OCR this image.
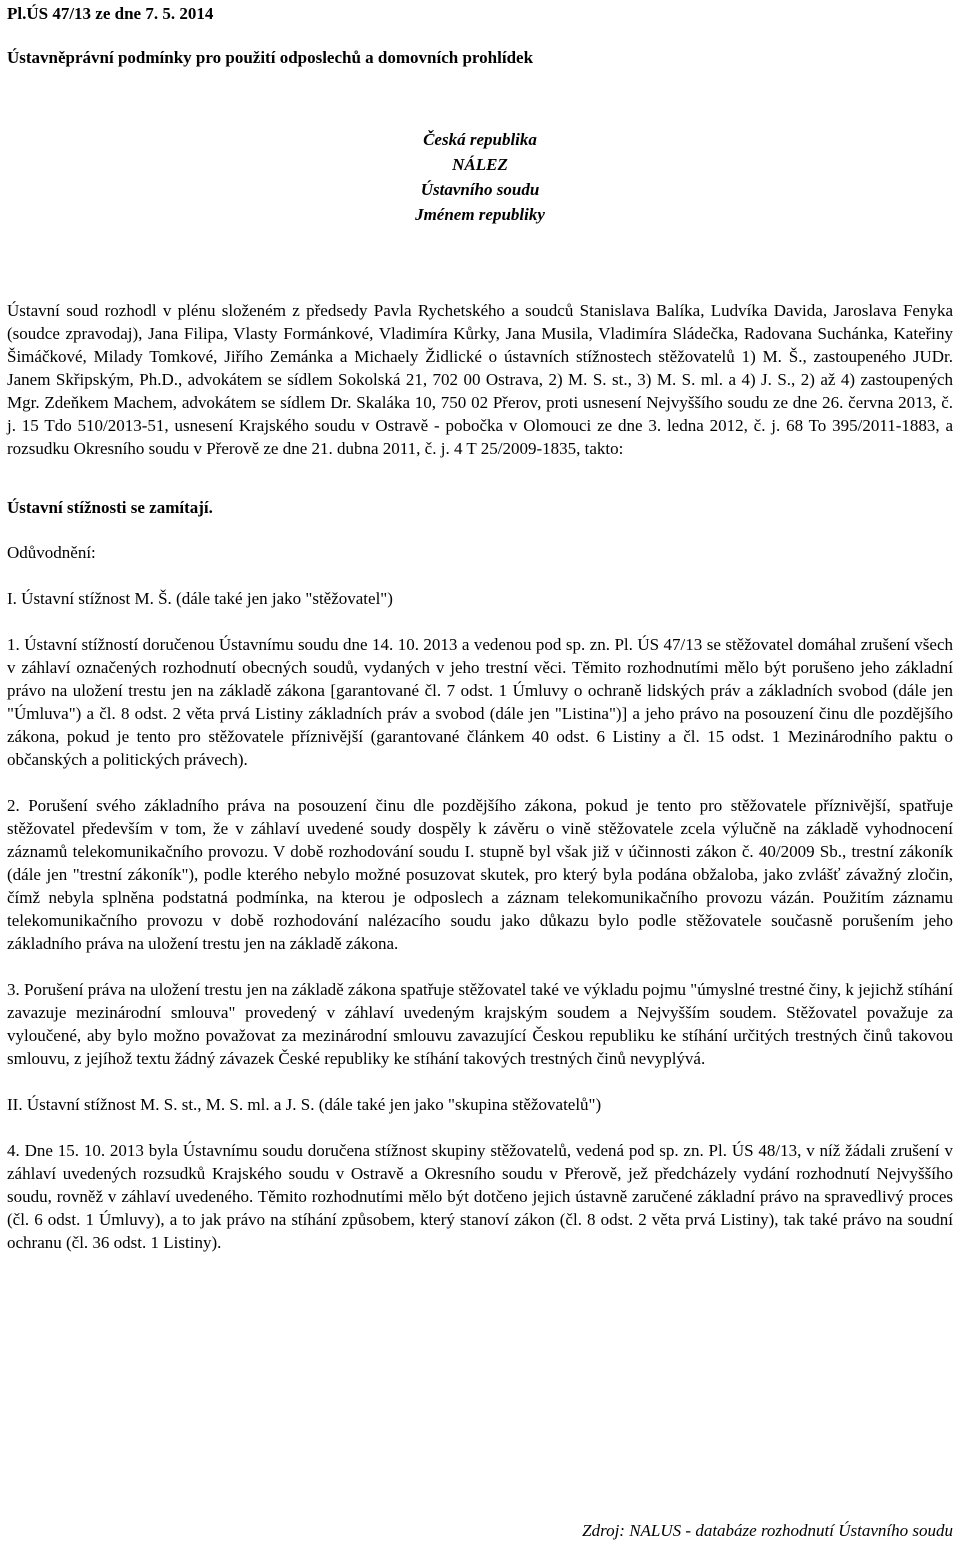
Pl.ÚS 47/13 ze dne 7. 5. 2014
Ústavněprávní podmínky pro použití odposlechů a domovních prohlídek
Česká republika
NÁLEZ
Ústavního soudu
Jménem republiky

Ústavní soud rozhodl v plénu složeném z předsedy Pavla Rychetského a soudců Stanislava Balíka, Ludvíka Davida, Jaroslava Fenyka (soudce zpravodaj), Jana Filipa, Vlasty Formánkové, Vladimíra Kůrky, Jana Musila, Vladimíra Sládečka, Radovana Suchánka, Kateřiny Šimáčkové, Milady Tomkové, Jiřího Zemánka a Michaely Židlické o ústavních stížnostech stěžovatelů 1) M. Š., zastoupeného JUDr. Janem Skřipským, Ph.D., advokátem se sídlem Sokolská 21, 702 00 Ostrava, 2) M. S. st., 3) M. S. ml. a 4) J. S., 2) až 4) zastoupených Mgr. Zdeňkem Machem, advokátem se sídlem Dr. Skaláka 10, 750 02 Přerov, proti usnesení Nejvyššího soudu ze dne 26. června 2013, č. j. 15 Tdo 510/2013-51, usnesení Krajského soudu v Ostravě - pobočka v Olomouci ze dne 3. ledna 2012, č. j. 68 To 395/2011-1883, a rozsudku Okresního soudu v Přerově ze dne 21. dubna 2011, č. j. 4 T 25/2009-1835, takto:

Ústavní stížnosti se zamítají.
Odůvodnění:
I. Ústavní stížnost M. Š. (dále také jen jako "stěžovatel")

1. Ústavní stížností doručenou Ústavnímu soudu dne 14. 10. 2013 a vedenou pod sp. zn. Pl. ÚS 47/13 se stěžovatel domáhal zrušení všech v záhlaví označených rozhodnutí obecných soudů, vydaných v jeho trestní věci. Těmito rozhodnutími mělo být porušeno jeho základní právo na uložení trestu jen na základě zákona [garantované čl. 7 odst. 1 Úmluvy o ochraně lidských práv a základních svobod (dále jen "Úmluva") a čl. 8 odst. 2 věta prvá Listiny základních práv a svobod (dále jen "Listina")] a jeho právo na posouzení činu dle pozdějšího zákona, pokud je tento pro stěžovatele příznivější (garantované článkem 40 odst. 6 Listiny a čl. 15 odst. 1 Mezinárodního paktu o občanských a politických právech).

2. Porušení svého základního práva na posouzení činu dle pozdějšího zákona, pokud je tento pro stěžovatele příznivější, spatřuje stěžovatel především v tom, že v záhlaví uvedené soudy dospěly k závěru o vině stěžovatele zcela výlučně na základě vyhodnocení záznamů telekomunikačního provozu. V době rozhodování soudu I. stupně byl však již v účinnosti zákon č. 40/2009 Sb., trestní zákoník (dále jen "trestní zákoník"), podle kterého nebylo možné posuzovat skutek, pro který byla podána obžaloba, jako zvlášť závažný zločin, čímž nebyla splněna podstatná podmínka, na kterou je odposlech a záznam telekomunikačního provozu vázán. Použitím záznamu telekomunikačního provozu v době rozhodování nalézacího soudu jako důkazu bylo podle stěžovatele současně porušením jeho základního práva na uložení trestu jen na základě zákona.

3. Porušení práva na uložení trestu jen na základě zákona spatřuje stěžovatel také ve výkladu pojmu "úmyslné trestné činy, k jejichž stíhání zavazuje mezinárodní smlouva" provedený v záhlaví uvedeným krajským soudem a Nejvyšším soudem. Stěžovatel považuje za vyloučené, aby bylo možno považovat za mezinárodní smlouvu zavazující Českou republiku ke stíhání určitých trestných činů takovou smlouvu, z jejíhož textu žádný závazek České republiky ke stíhání takových trestných činů nevyplývá.

II. Ústavní stížnost M. S. st., M. S. ml. a J. S. (dále také jen jako "skupina stěžovatelů")

4. Dne 15. 10. 2013 byla Ústavnímu soudu doručena stížnost skupiny stěžovatelů, vedená pod sp. zn. Pl. ÚS 48/13, v níž žádali zrušení v záhlaví uvedených rozsudků Krajského soudu v Ostravě a Okresního soudu v Přerově, jež předcházely vydání rozhodnutí Nejvyššího soudu, rovněž v záhlaví uvedeného. Těmito rozhodnutími mělo být dotčeno jejich ústavně zaručené základní právo na spravedlivý proces (čl. 6 odst. 1 Úmluvy), a to jak právo na stíhání způsobem, který stanoví zákon (čl. 8 odst. 2 věta prvá Listiny), tak také právo na soudní ochranu (čl. 36 odst. 1 Listiny).

Zdroj: NALUS - databáze rozhodnutí Ústavního soudu
